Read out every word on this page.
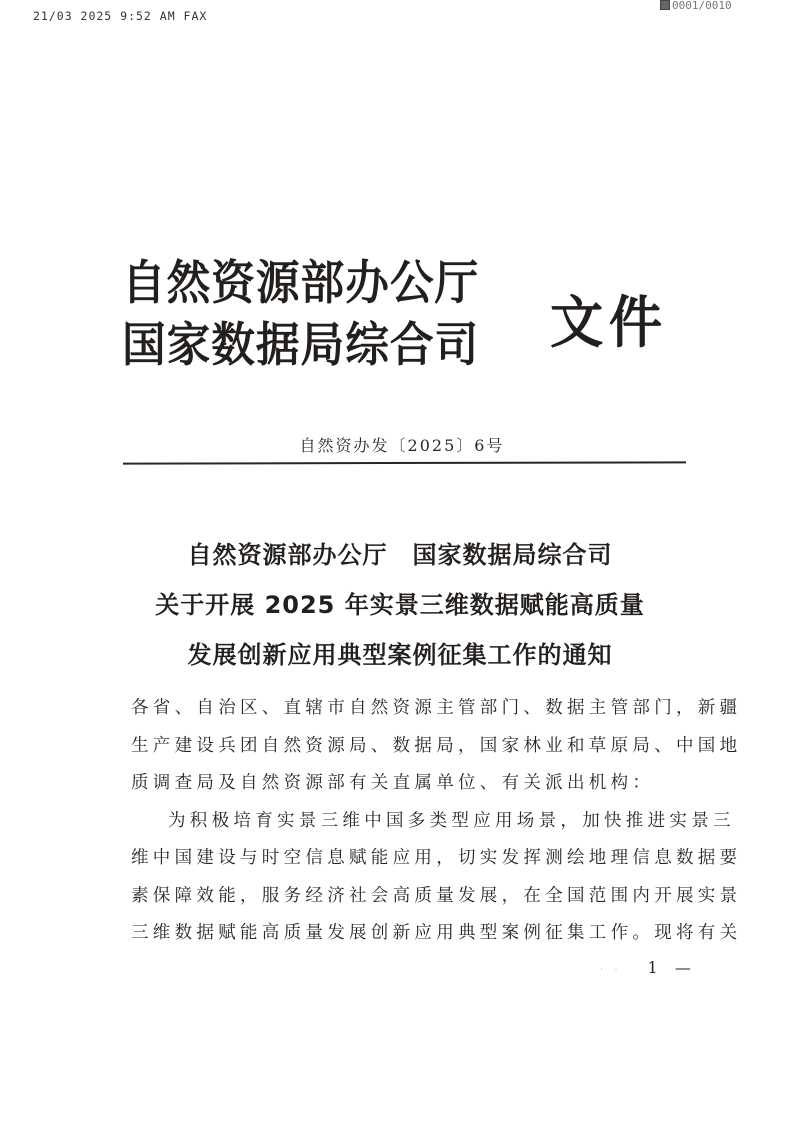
21/03 2025 9:52 AM FAX
0001/0010
自然资源部办公厅
国家数据局综合司 文件
自然资办发〔2025〕6号
自然资源部办公厅　国家数据局综合司
关于开展 2025 年实景三维数据赋能高质量
发展创新应用典型案例征集工作的通知

各省、自治区、直辖市自然资源主管部门、数据主管部门，新疆
生产建设兵团自然资源局、数据局，国家林业和草原局、中国地
质调查局及自然资源部有关直属单位、有关派出机构：

为积极培育实景三维中国多类型应用场景，加快推进实景三
维中国建设与时空信息赋能应用，切实发挥测绘地理信息数据要
素保障效能，服务经济社会高质量发展，在全国范围内开展实景
三维数据赋能高质量发展创新应用典型案例征集工作。现将有关

· · 1 —
